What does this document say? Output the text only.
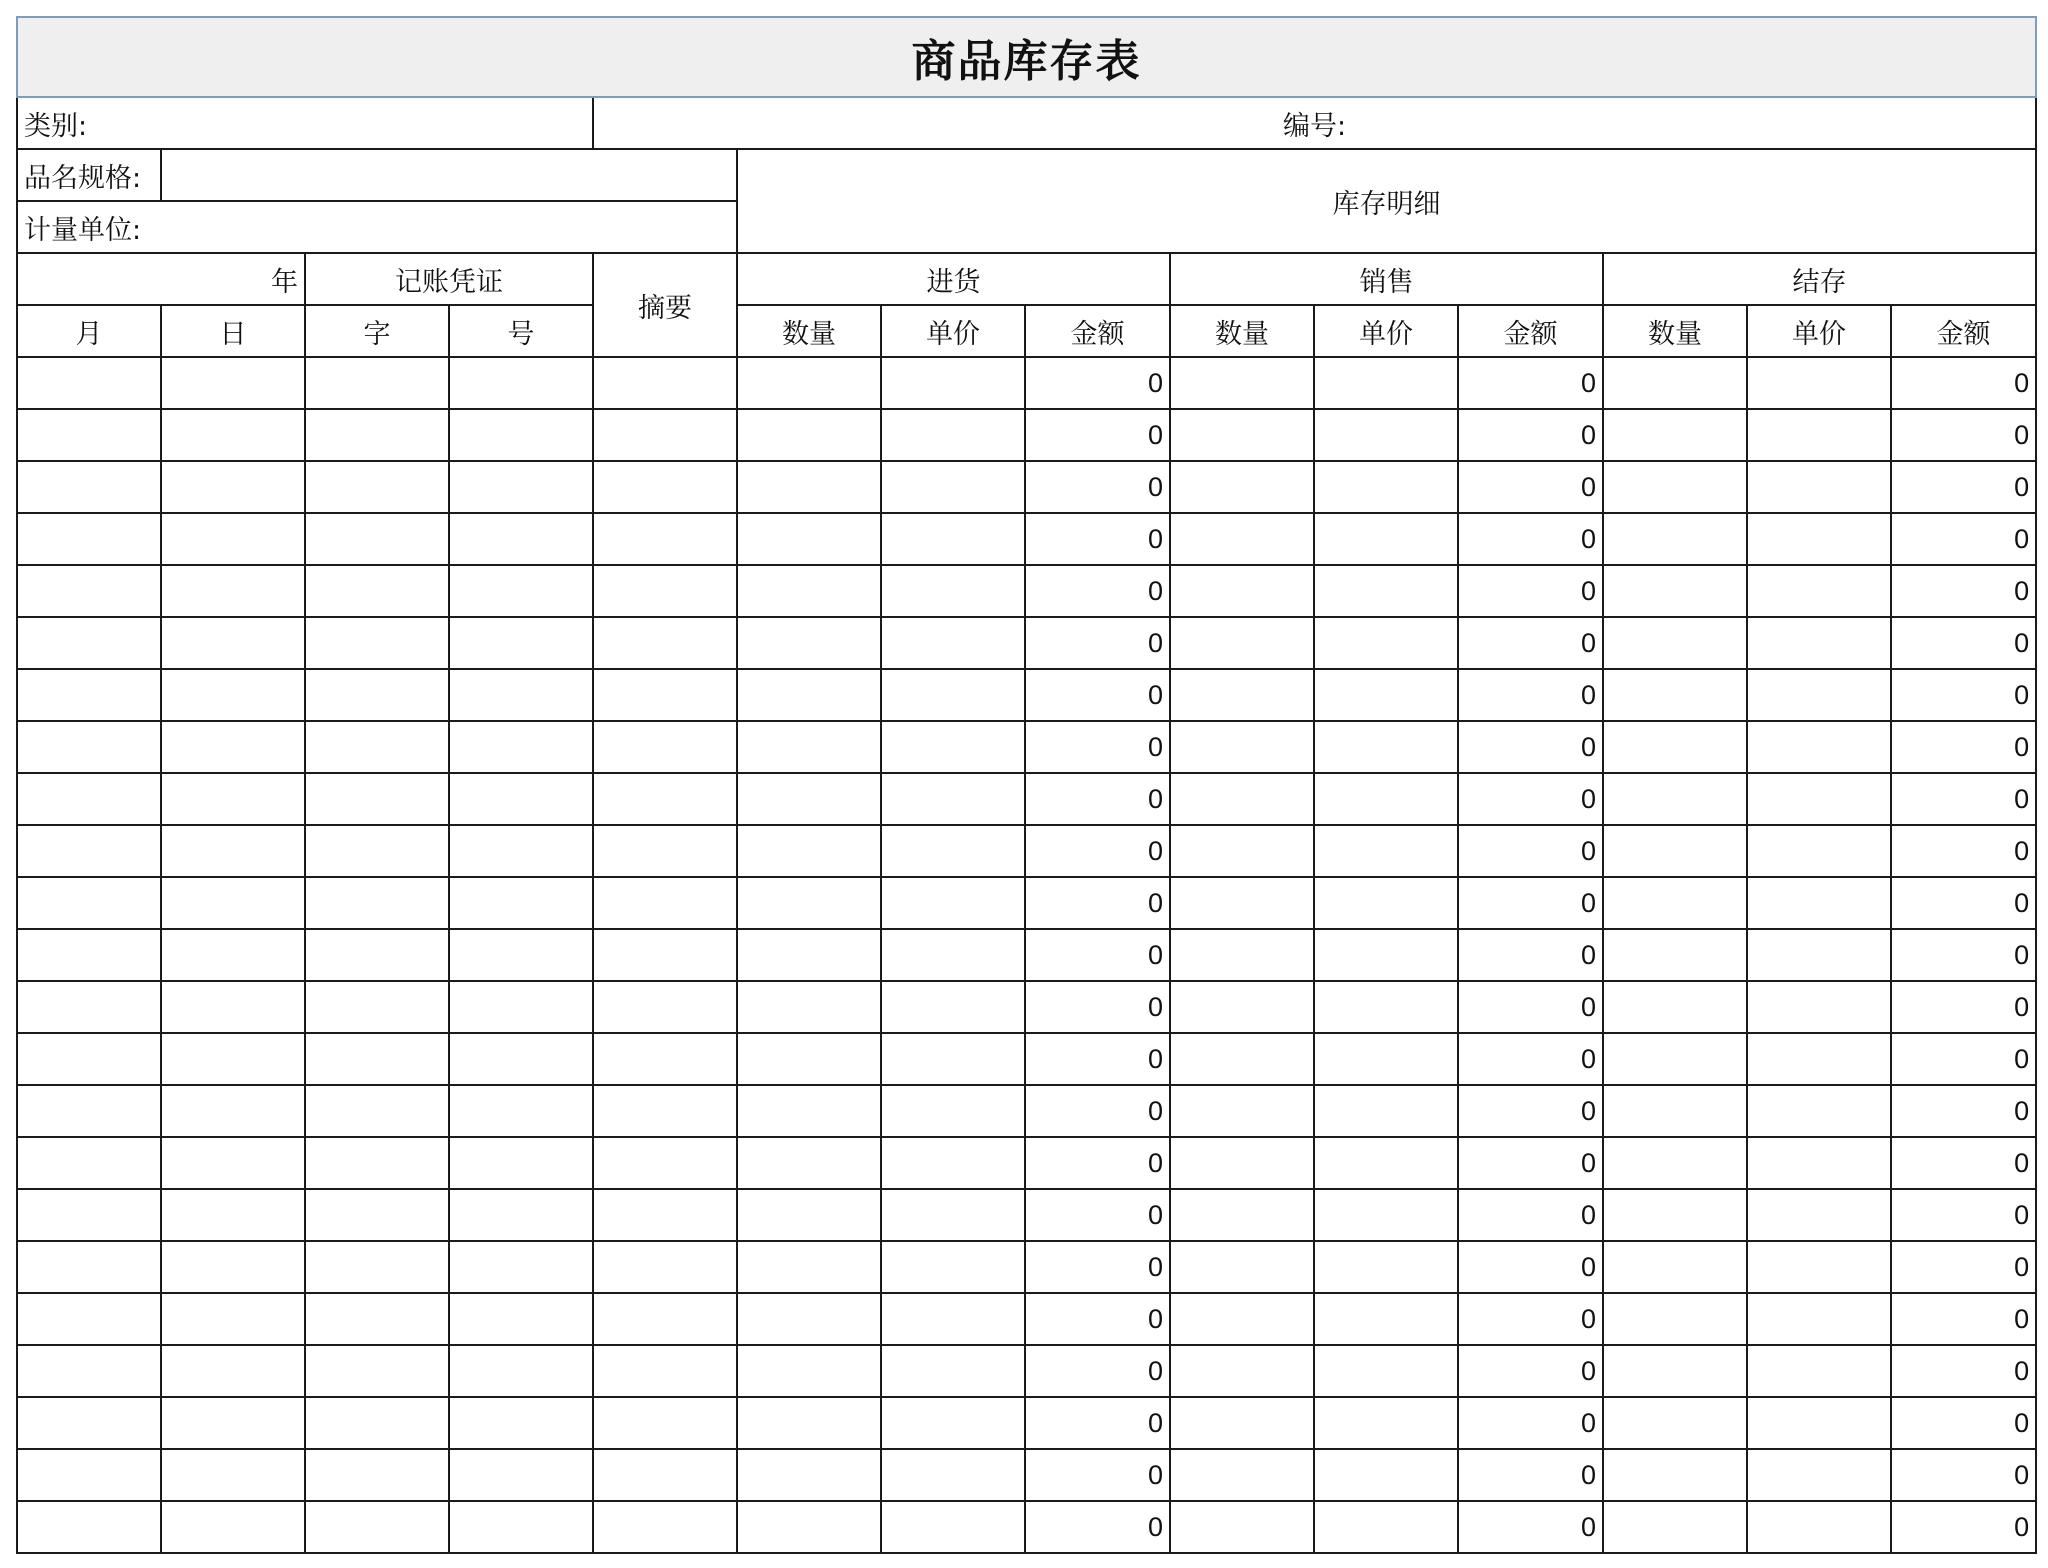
商品库存表													
类别:				编号:									
品名规格:					库存明细								
计量单位:													
年		记账凭证		摘要	进货			销售			结存		
月	日	字	号		数量	单价	金额	数量	单价	金额	数量	单价	金额
							0			0			0
							0			0			0
							0			0			0
							0			0			0
							0			0			0
							0			0			0
							0			0			0
							0			0			0
							0			0			0
							0			0			0
							0			0			0
							0			0			0
							0			0			0
							0			0			0
							0			0			0
							0			0			0
							0			0			0
							0			0			0
							0			0			0
							0			0			0
							0			0			0
							0			0			0
							0			0			0
